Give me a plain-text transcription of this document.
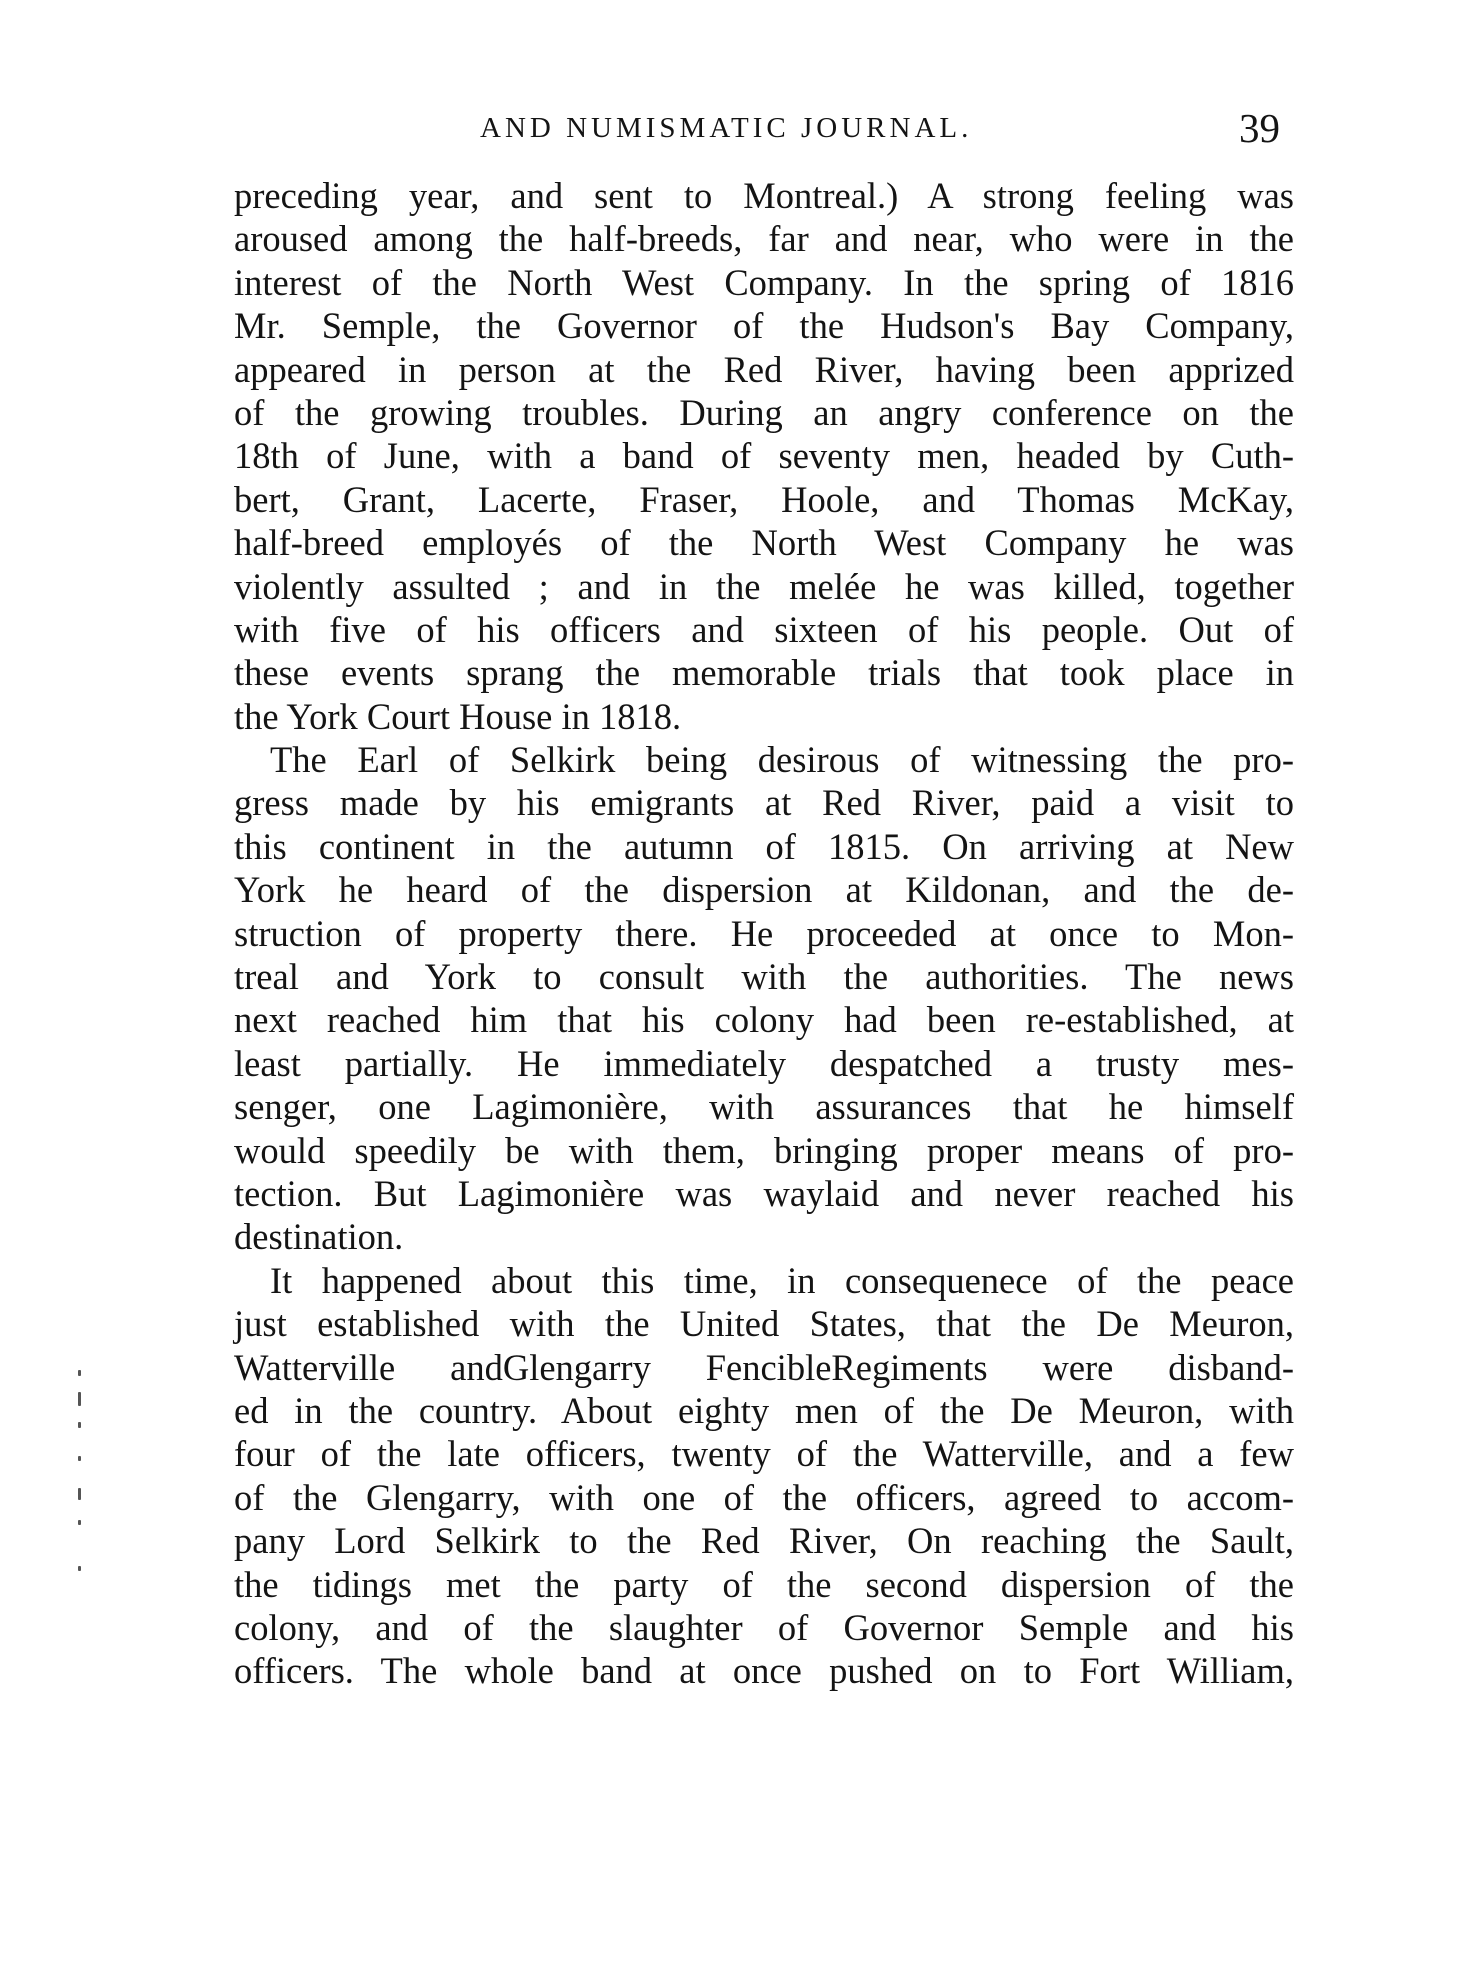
AND NUMISMATIC JOURNAL.	39
preceding year, and sent to Montreal.) A strong feeling was
aroused among the half-breeds, far and near, who were in the
interest of the North West Company. In the spring of 1816
Mr. Semple, the Governor of the Hudson's Bay Company,
appeared in person at the Red River, having been apprized
of the growing troubles. During an angry conference on the
18th of June, with a band of seventy men, headed by Cuth-
bert, Grant, Lacerte, Fraser, Hoole, and Thomas McKay,
half-breed employés of the North West Company he was
violently assulted ; and in the melée he was killed, together
with five of his officers and sixteen of his people. Out of
these events sprang the memorable trials that took place in
the York Court House in 1818.
The Earl of Selkirk being desirous of witnessing the pro-
gress made by his emigrants at Red River, paid a visit to
this continent in the autumn of 1815. On arriving at New
York he heard of the dispersion at Kildonan, and the de-
struction of property there. He proceeded at once to Mon-
treal and York to consult with the authorities. The news
next reached him that his colony had been re-established, at
least partially. He immediately despatched a trusty mes-
senger, one Lagimonière, with assurances that he himself
would speedily be with them, bringing proper means of pro-
tection. But Lagimonière was waylaid and never reached his
destination.
It happened about this time, in consequenece of the peace
just established with the United States, that the De Meuron,
Watterville andGlengarry FencibleRegiments were disband-
ed in the country. About eighty men of the De Meuron, with
four of the late officers, twenty of the Watterville, and a few
of the Glengarry, with one of the officers, agreed to accom-
pany Lord Selkirk to the Red River, On reaching the Sault,
the tidings met the party of the second dispersion of the
colony, and of the slaughter of Governor Semple and his
officers. The whole band at once pushed on to Fort William,
